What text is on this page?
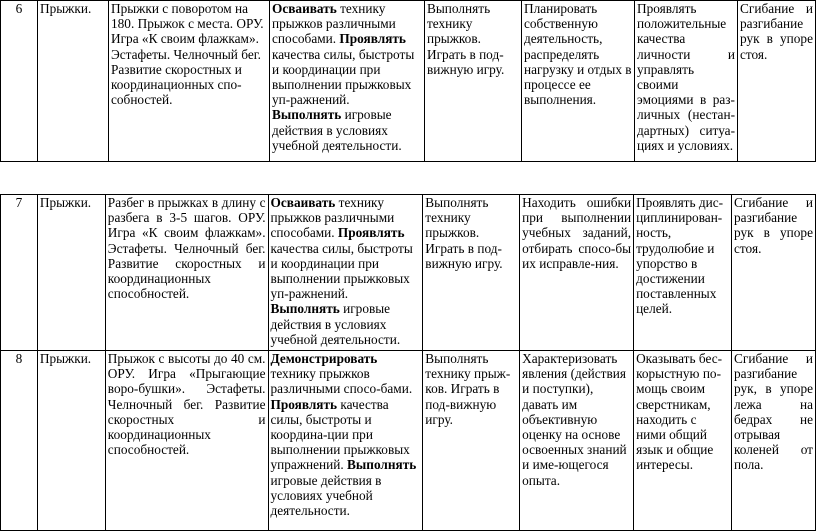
6	Прыжки.	Прыжки с поворотом на 180. Прыжок с места. ОРУ. Игра «К своим флажкам». Эстафеты. Челночный бег. Развитие скоростных и координационных спо-собностей.	Осваивать технику прыжков различными способами. Проявлять качества силы, быстроты и координации при выполнении прыжковых уп-ражнений. Выполнять игровые действия в условиях учебной деятельности.	Выполнять технику прыжков. Играть в под-вижную игру.	Планировать собственную деятельность, распределять нагрузку и отдых в процессе ее выполнения.	Проявлять положительные качества личности и управлять своими эмоциями в раз-личных (нестан-дартных) ситуа-циях и условиях.	Сгибание и разгибание рук в упоре стоя.
7	Прыжки.	Разбег в прыжках в длину с разбега в 3-5 шагов. ОРУ. Игра «К своим флажкам». Эстафеты. Челночный бег. Развитие скоростных и координационных способностей.	Осваивать технику прыжков различными способами. Проявлять качества силы, быстроты и координации при выполнении прыжковых уп-ражнений. Выполнять игровые действия в условиях учебной деятельности.	Выполнять технику прыжков. Играть в под-вижную игру.	Находить ошибки при выполнении учебных заданий, отбирать спосо-бы их исправле-ния.	Проявлять дис-циплинирован-ность, трудолюбие и упорство в достижении поставленных целей.	Сгибание и разгибание рук в упоре стоя.
8	Прыжки.	Прыжок с высоты до 40 см. ОРУ. Игра «Прыгающие воро-бушки». Эстафеты. Челночный бег. Развитие скоростных и координационных способностей.	Демонстрировать технику прыжков различными спосо-бами. Проявлять качества силы, быстроты и координа-ции при выполнении прыжковых упражнений. Выполнять игровые действия в условиях учебной деятельности.	Выполнять технику прыж-ков. Играть в под-вижную игру.	Характеризовать явления (действия и поступки), давать им объективную оценку на основе освоенных знаний и име-ющегося опыта.	Оказывать бес-корыстную по-мощь своим сверстникам, находить с ними общий язык и общие интересы.	Сгибание и разгибание рук, в упоре лежа на бедрах не отрывая коленей от пола.
